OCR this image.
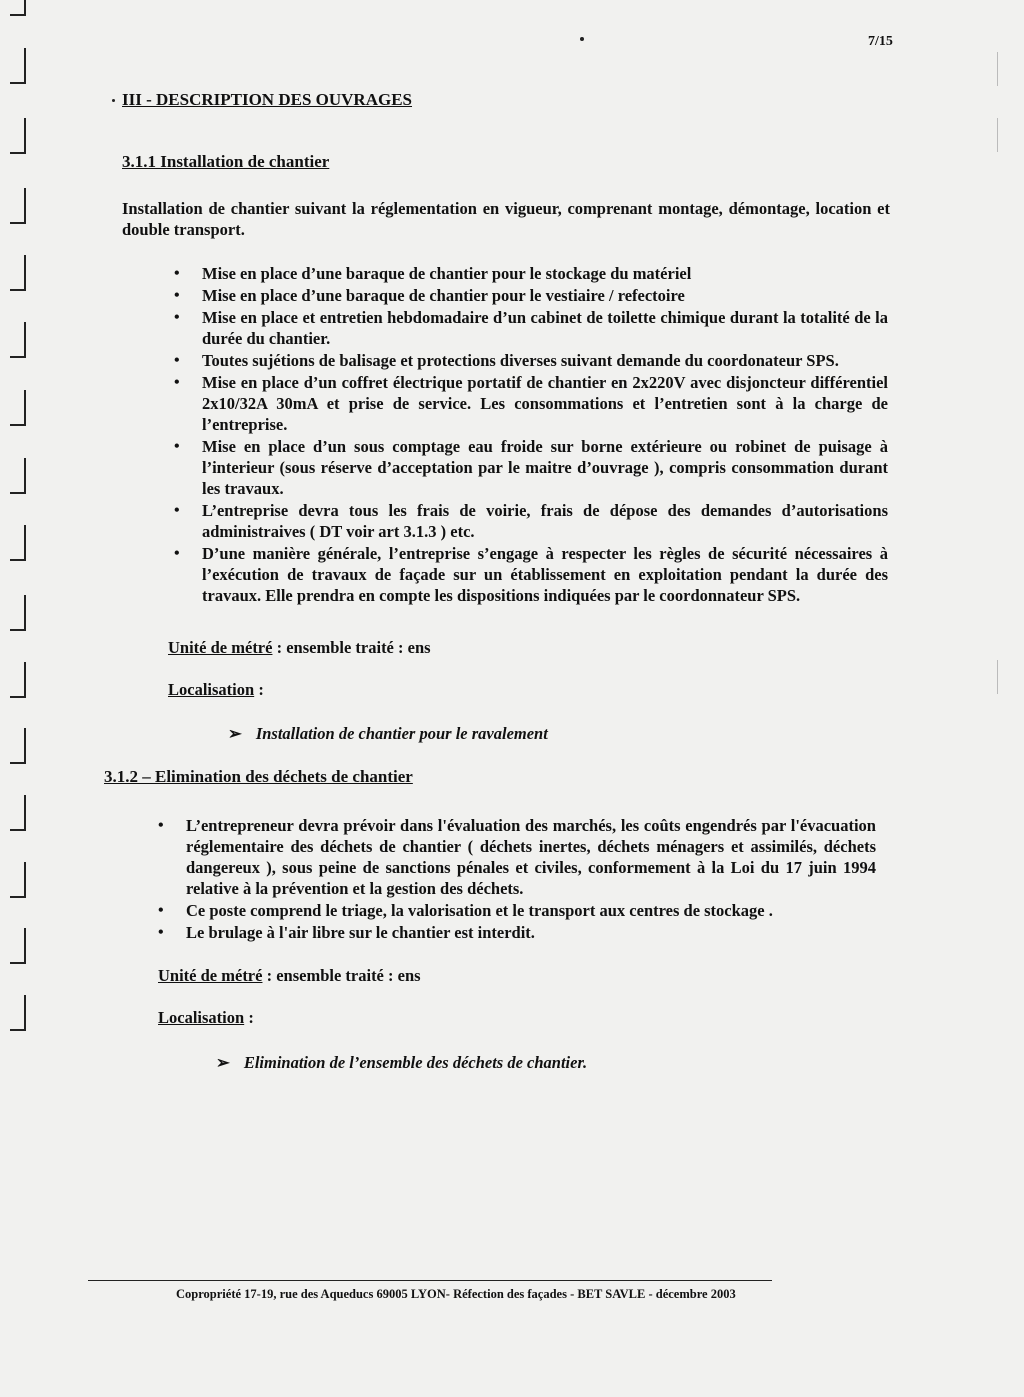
7/15
III - DESCRIPTION DES OUVRAGES
3.1.1 Installation de chantier

Installation de chantier suivant la réglementation en vigueur, comprenant montage, démontage, location et double transport.

• Mise en place d’une baraque de chantier pour le stockage du matériel
• Mise en place d’une baraque de chantier pour le vestiaire / refectoire
• Mise en place et entretien hebdomadaire d’un cabinet de toilette chimique durant la totalité de la durée du chantier.
• Toutes sujétions de balisage et protections diverses suivant demande du coordonateur SPS.
• Mise en place d’un coffret électrique portatif de chantier en 2x220V avec disjoncteur différentiel 2x10/32A 30mA et prise de service. Les consommations et l’entretien sont à la charge de l’entreprise.
• Mise en place d’un sous comptage eau froide sur borne extérieure ou robinet de puisage à l’interieur (sous réserve d’acceptation par le maitre d’ouvrage ), compris consommation durant les travaux.
• L’entreprise devra tous les frais de voirie, frais de dépose des demandes d’autorisations administraives ( DT voir art 3.1.3 ) etc.
• D’une manière générale, l’entreprise s’engage à respecter les règles de sécurité nécessaires à l’exécution de travaux de façade sur un établissement en exploitation pendant la durée des travaux. Elle prendra en compte les dispositions indiquées par le coordonnateur SPS.

Unité de métré : ensemble traité : ens

Localisation :

➢ Installation de chantier pour le ravalement

3.1.2 – Elimination des déchets de chantier
• L’entrepreneur devra prévoir dans l'évaluation des marchés, les coûts engendrés par l'évacuation réglementaire des déchets de chantier ( déchets inertes, déchets ménagers et assimilés, déchets dangereux ), sous peine de sanctions pénales et civiles, conformement à la Loi du 17 juin 1994 relative à la prévention et la gestion des déchets.
• Ce poste comprend le triage, la valorisation et le transport aux centres de stockage .
• Le brulage à l'air libre sur le chantier est interdit.

Unité de métré : ensemble traité : ens

Localisation :

➢ Elimination de l’ensemble des déchets de chantier.

Copropriété 17-19, rue des Aqueducs 69005 LYON- Réfection des façades - BET SAVLE - décembre 2003
